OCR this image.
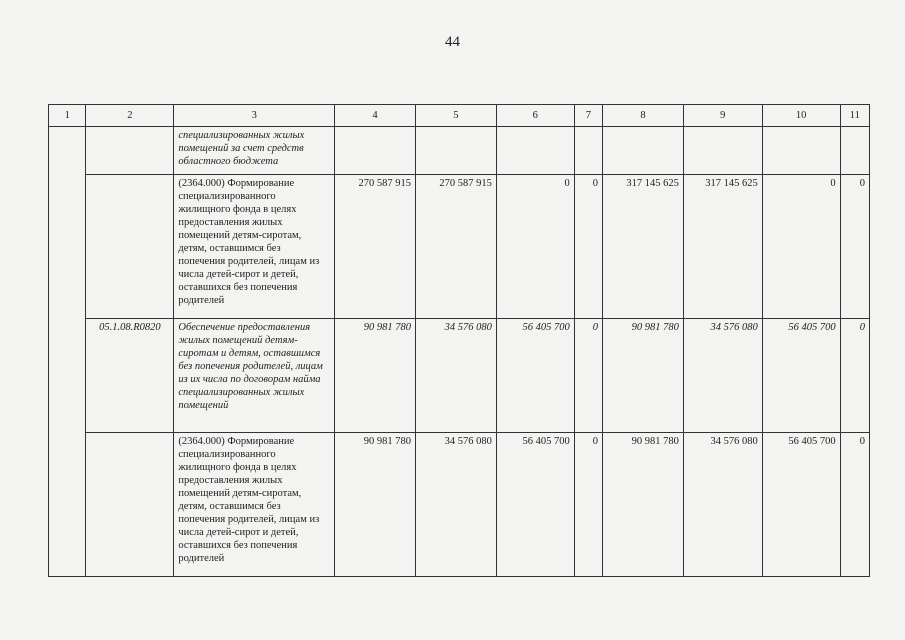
44
1	2	3	4	5	6	7	8	9	10	11
		специализированных жилых помещений за счет средств областного бюджета								
		(2364.000) Формирование специализированного жилищного фонда в целях предоставления жилых помещений детям-сиротам, детям, оставшимся без попечения родителей, лицам из числа детей-сирот и детей, оставшихся без попечения родителей	270 587 915	270 587 915	0	0	317 145 625	317 145 625	0	0
	05.1.08.R0820	Обеспечение предоставления жилых помещений детям-сиротам и детям, оставшимся без попечения родителей, лицам из их числа по договорам найма специализированных жилых помещений	90 981 780	34 576 080	56 405 700	0	90 981 780	34 576 080	56 405 700	0
		(2364.000) Формирование специализированного жилищного фонда в целях предоставления жилых помещений детям-сиротам, детям, оставшимся без попечения родителей, лицам из числа детей-сирот и детей, оставшихся без попечения родителей	90 981 780	34 576 080	56 405 700	0	90 981 780	34 576 080	56 405 700	0
